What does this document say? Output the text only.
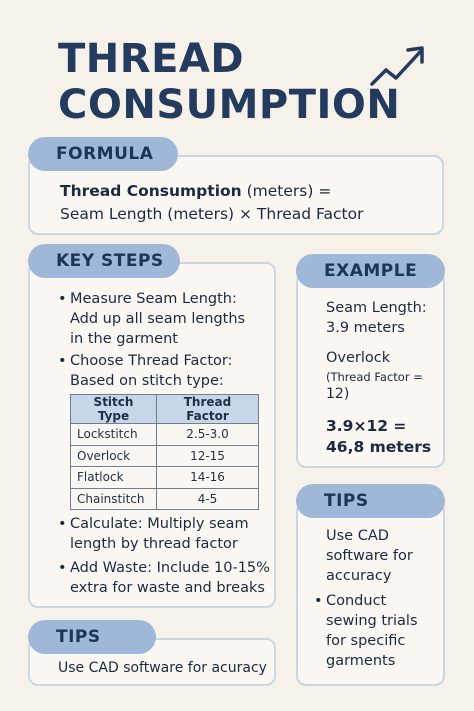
THREAD
CONSUMPTION
FORMULA
Thread Consumption (meters) =
Seam Length (meters) × Thread Factor
KEY STEPS
• Measure Seam Length:
Add up all seam lengths
in the garment
• Choose Thread Factor:
Based on stitch type:
Stitch Type	Thread Factor
Lockstitch	2.5-3.0
Overlock	12-15
Flatlock	14-16
Chainstitch	4-5
• Calculate: Multiply seam
length by thread factor
• Add Waste: Include 10-15%
extra for waste and breaks
EXAMPLE
Seam Length:
3.9 meters
Overlock
(Thread Factor =
12)
3.9×12 =
46,8 meters
TIPS
Use CAD
software for
accuracy
• Conduct
sewing trials
for specific
garments
TIPS
Use CAD software for acuracy
